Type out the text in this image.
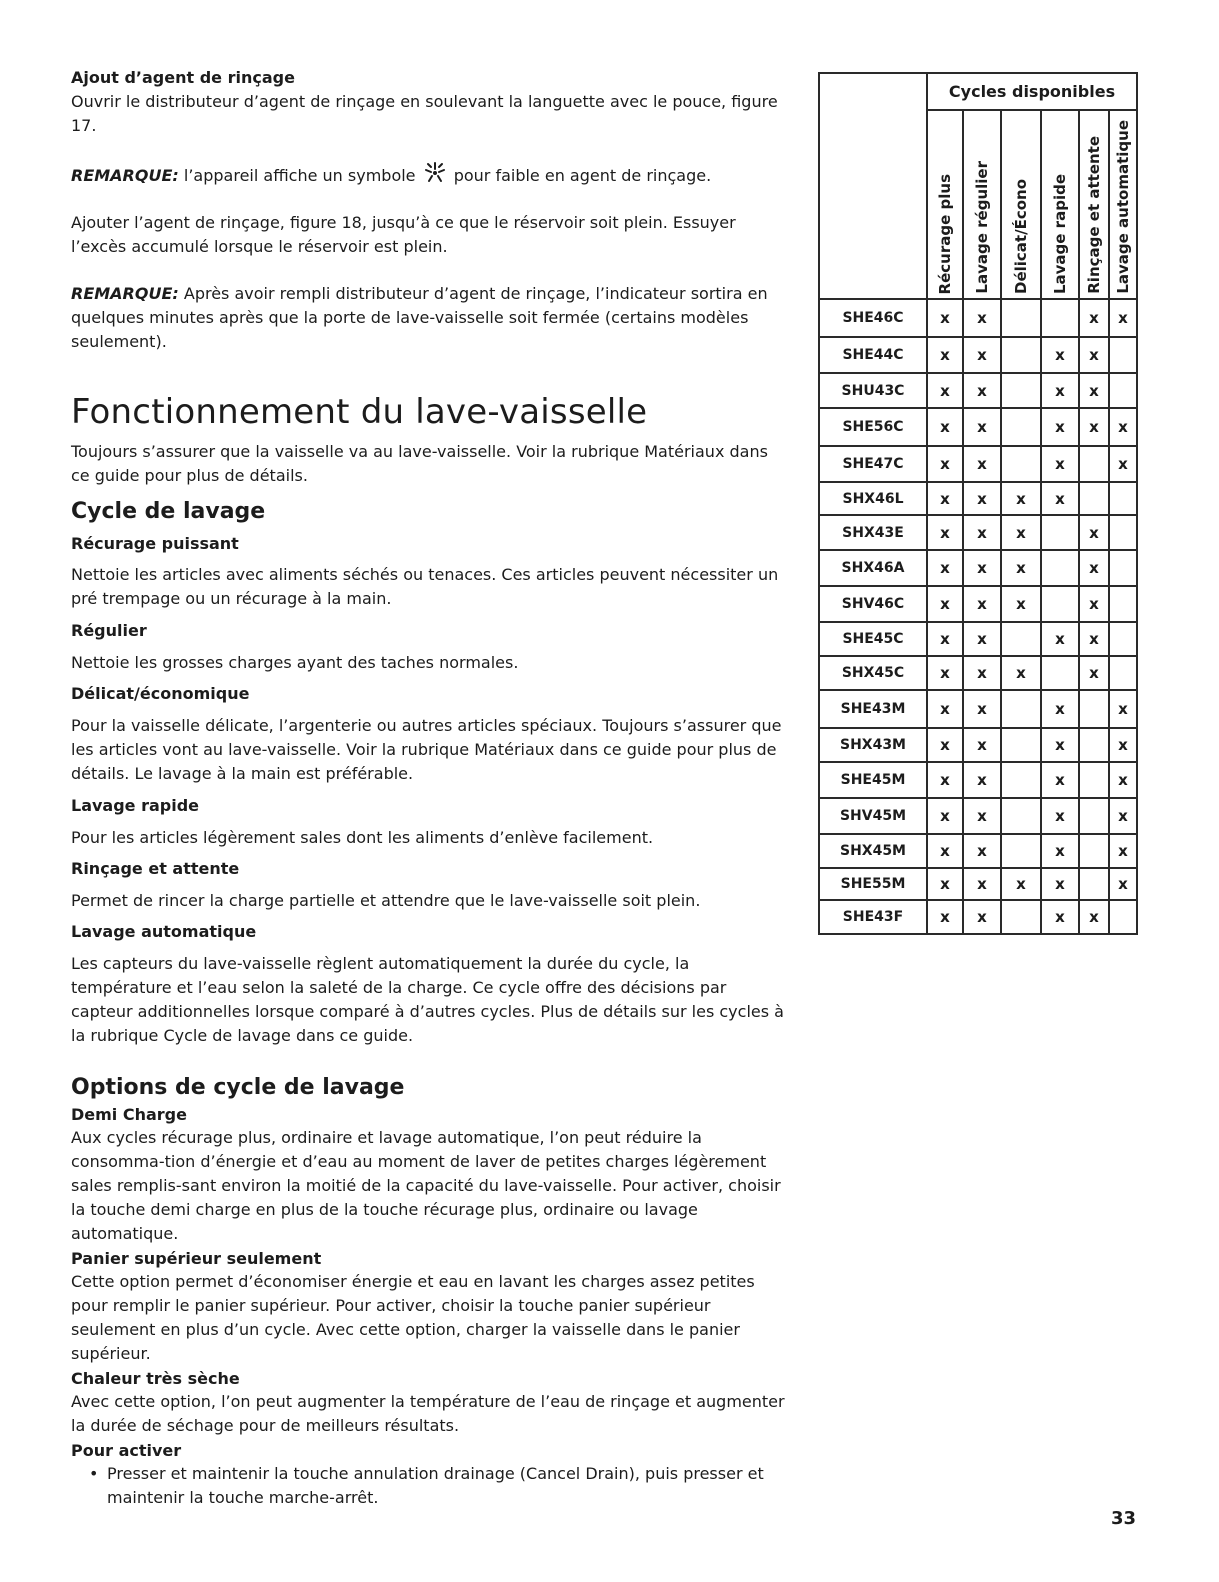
Ajout d’agent de rinçage

Ouvrir le distributeur d’agent de rinçage en soulevant la languette avec le pouce, figure 17.

REMARQUE: l’appareil affiche un symbole  pour faible en agent de rinçage.

Ajouter l’agent de rinçage, figure 18, jusqu’à ce que le réservoir soit plein. Essuyer l’excès accumulé lorsque le réservoir est plein.

REMARQUE: Après avoir rempli distributeur d’agent de rinçage, l’indicateur sortira en quelques minutes après que la porte de lave-vaisselle soit fermée (certains modèles seulement).

Fonctionnement du lave-vaisselle

Toujours s’assurer que la vaisselle va au lave-vaisselle. Voir la rubrique Matériaux dans ce guide pour plus de détails.

Cycle de lavage

Récurage puissant

Nettoie les articles avec aliments séchés ou tenaces. Ces articles peuvent nécessiter un pré trempage ou un récurage à la main.

Régulier

Nettoie les grosses charges ayant des taches normales.

Délicat/économique

Pour la vaisselle délicate, l’argenterie ou autres articles spéciaux. Toujours s’assurer que les articles vont au lave-vaisselle. Voir la rubrique Matériaux dans ce guide pour plus de détails. Le lavage à la main est préférable.

Lavage rapide

Pour les articles légèrement sales dont les aliments d’enlève facilement.

Rinçage et attente

Permet de rincer la charge partielle et attendre que le lave-vaisselle soit plein.

Lavage automatique

Les capteurs du lave-vaisselle règlent automatiquement la durée du cycle, la température et l’eau selon la saleté de la charge. Ce cycle offre des décisions par capteur additionnelles lorsque comparé à d’autres cycles. Plus de détails sur les cycles à la rubrique Cycle de lavage dans ce guide.

Options de cycle de lavage

Demi Charge

Aux cycles récurage plus, ordinaire et lavage automatique, l’on peut réduire la consomma-tion d’énergie et d’eau au moment de laver de petites charges légèrement sales remplis-sant environ la moitié de la capacité du lave-vaisselle. Pour activer, choisir la touche demi charge en plus de la touche récurage plus, ordinaire ou lavage automatique.

Panier supérieur seulement

Cette option permet d’économiser énergie et eau en lavant les charges assez petites pour remplir le panier supérieur. Pour activer, choisir la touche panier supérieur seulement en plus d’un cycle. Avec cette option, charger la vaisselle dans le panier supérieur.

Chaleur très sèche

Avec cette option, l’on peut augmenter la température de l’eau de rinçage et augmenter la durée de séchage pour de meilleurs résultats.

Pour activer

• Presser et maintenir la touche annulation drainage (Cancel Drain), puis presser et maintenir la touche marche-arrêt.
	Cycles disponibles					
	Récurage plus	Lavage régulier	Délicat/Écono	Lavage rapide	Rinçage et attente	Lavage automatique
SHE46C	x	x			x	x
SHE44C	x	x		x	x	
SHU43C	x	x		x	x	
SHE56C	x	x		x	x	x
SHE47C	x	x		x		x
SHX46L	x	x	x	x		
SHX43E	x	x	x		x	
SHX46A	x	x	x		x	
SHV46C	x	x	x		x	
SHE45C	x	x		x	x	
SHX45C	x	x	x		x	
SHE43M	x	x		x		x
SHX43M	x	x		x		x
SHE45M	x	x		x		x
SHV45M	x	x		x		x
SHX45M	x	x		x		x
SHE55M	x	x	x	x		x
SHE43F	x	x		x	x	
33
